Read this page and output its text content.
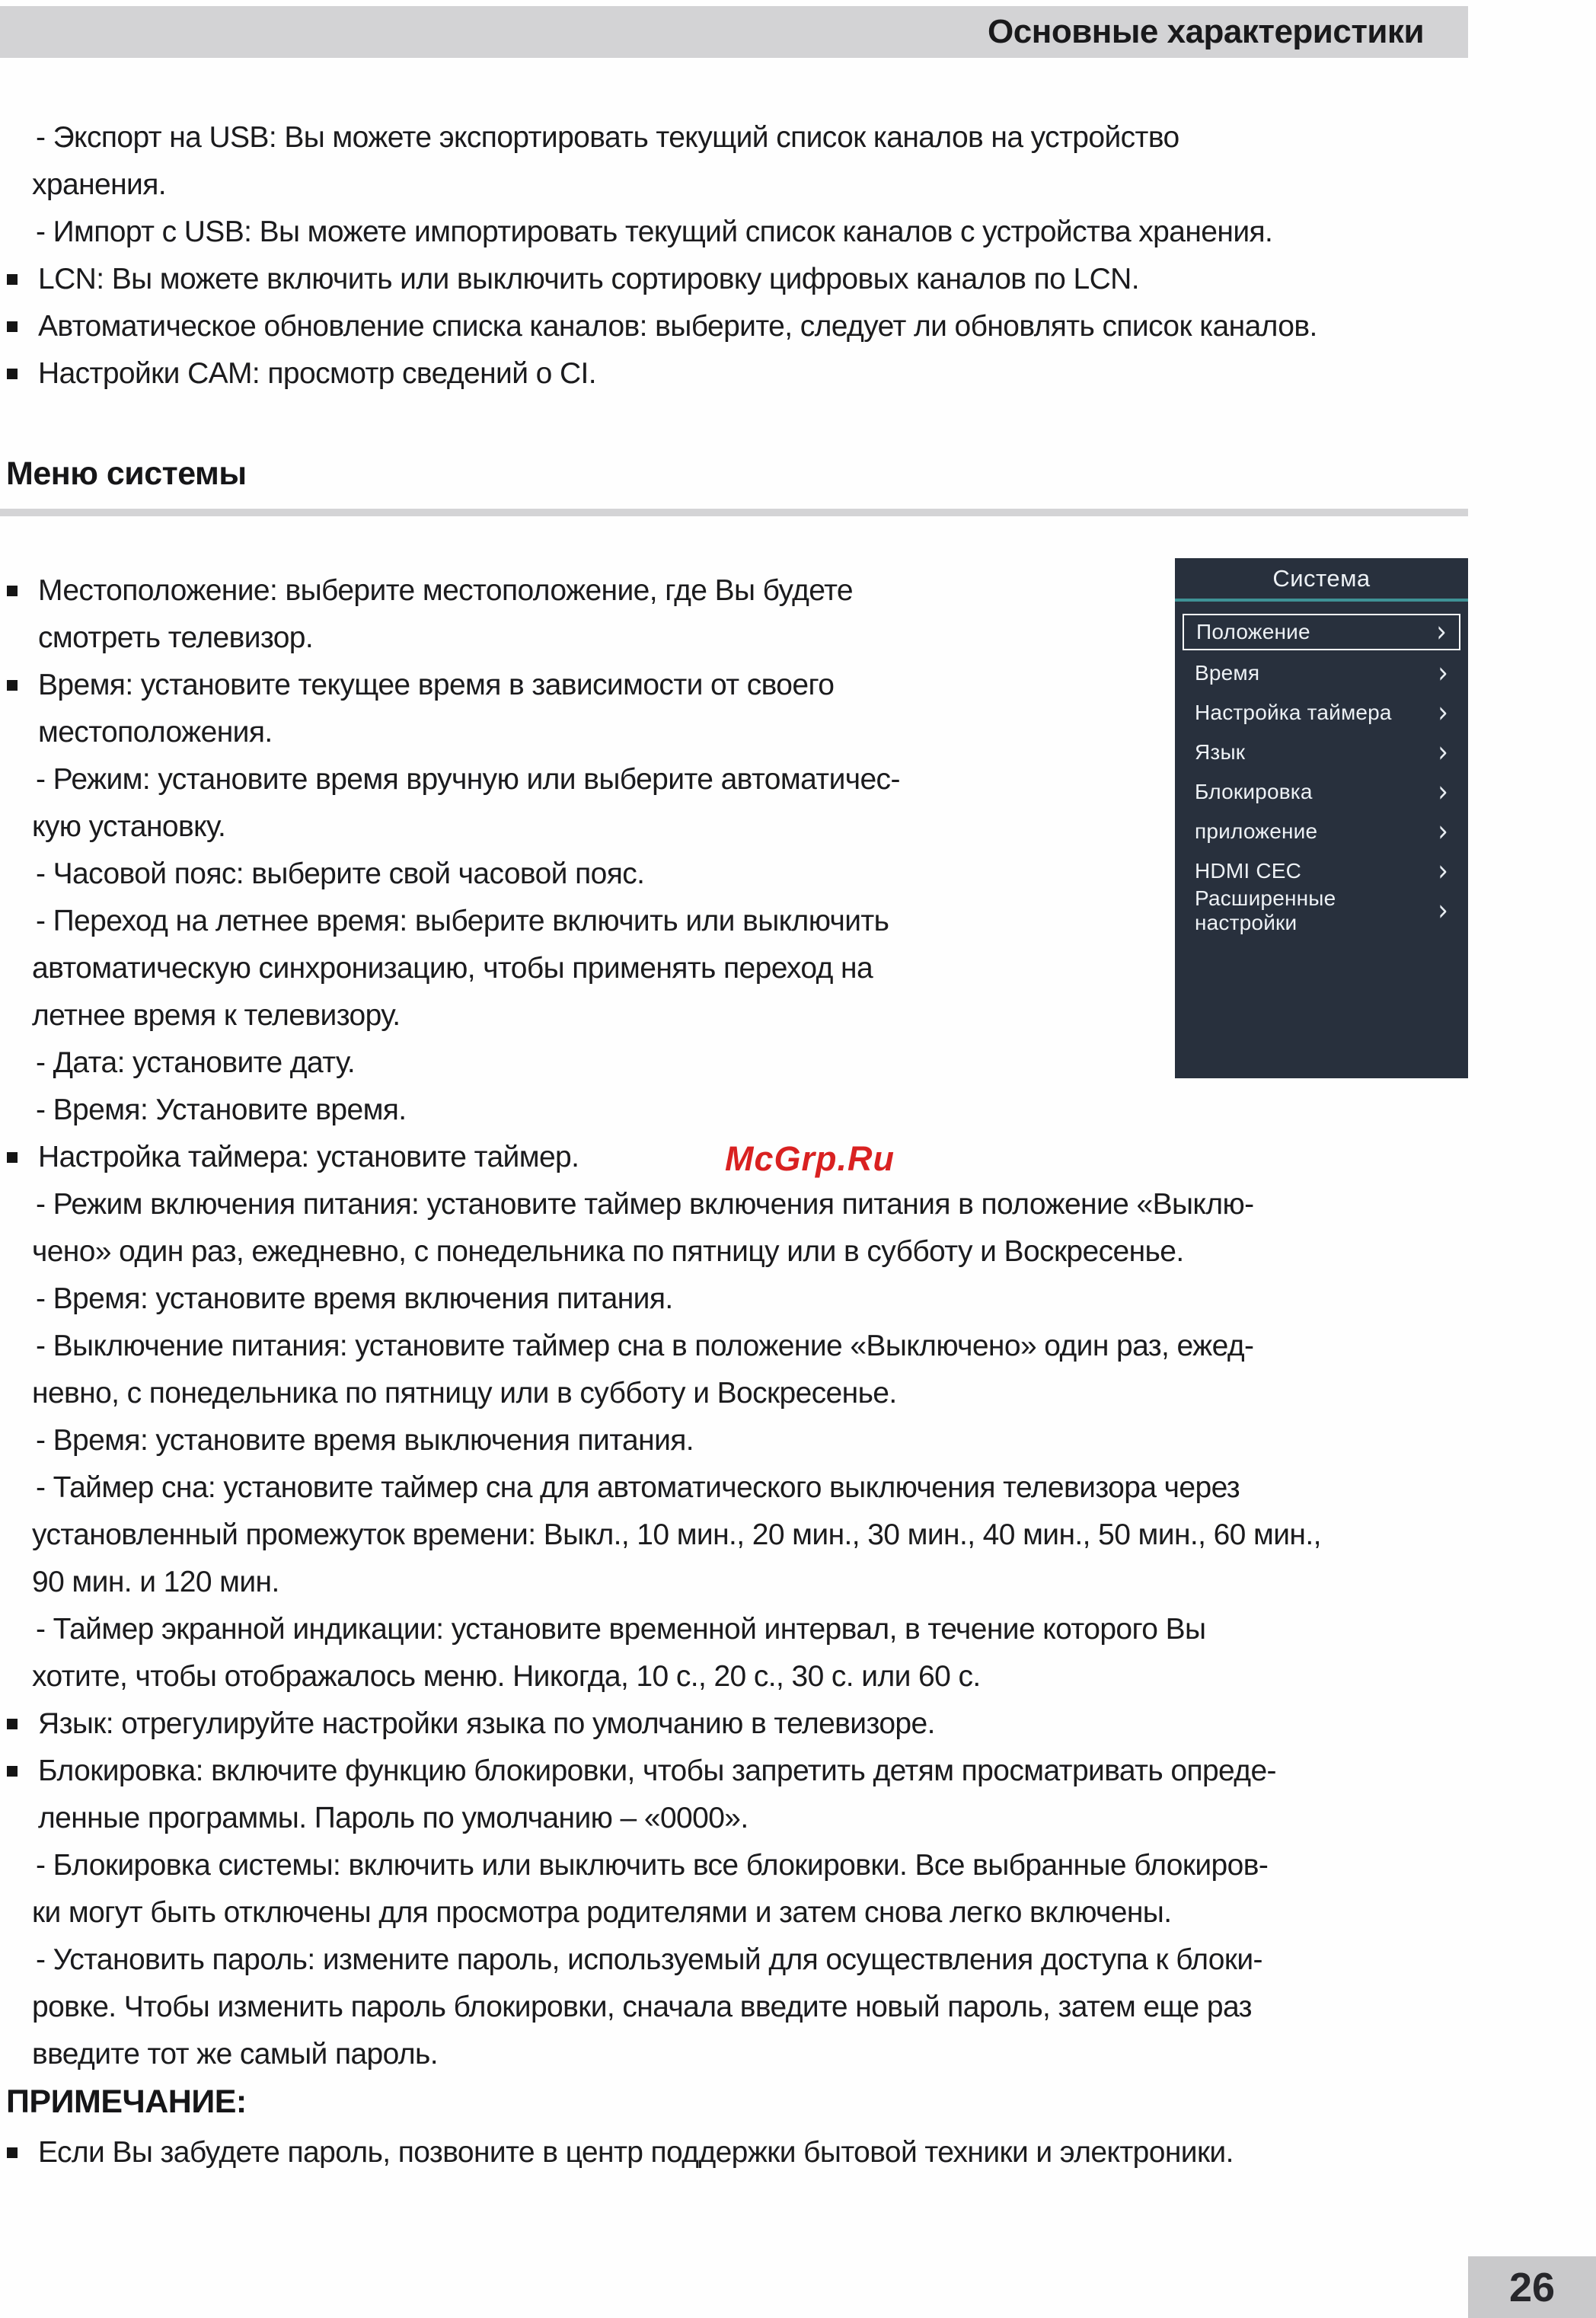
Основные характеристики
- Экспорт на USB: Вы можете экспортировать текущий список каналов на устройство
хранения.
- Импорт с USB: Вы можете импортировать текущий список каналов с устройства хранения.
LCN: Вы можете включить или выключить сортировку цифровых каналов по LCN.
Автоматическое обновление списка каналов: выберите, следует ли обновлять список каналов.
Настройки CAM: просмотр сведений о CI.
Меню системы
Местоположение: выберите местоположение, где Вы будете
смотреть телевизор.
Время: установите текущее время в зависимости от своего
местоположения.
- Режим: установите время вручную или выберите автоматичес-
кую установку.
- Часовой пояс: выберите свой часовой пояс.
- Переход на летнее время: выберите включить или выключить
автоматическую синхронизацию, чтобы применять переход на
летнее время к телевизору.
- Дата: установите дату.
- Время: Установите время.
Настройка таймера: установите таймер.
- Режим включения питания: установите таймер включения питания в положение «Выклю-
чено» один раз, ежедневно, с понедельника по пятницу или в субботу и Воскресенье.
- Время: установите время включения питания.
- Выключение питания: установите таймер сна в положение «Выключено» один раз, ежед-
невно, с понедельника по пятницу или в субботу и Воскресенье.
- Время: установите время выключения питания.
- Таймер сна: установите таймер сна для автоматического выключения телевизора через
установленный промежуток времени: Выкл., 10 мин., 20 мин., 30 мин., 40 мин., 50 мин., 60 мин.,
90 мин. и 120 мин.
- Таймер экранной индикации: установите временной интервал, в течение которого Вы
хотите, чтобы отображалось меню. Никогда, 10 с., 20 с., 30 с. или 60 с.
Язык: отрегулируйте настройки языка по умолчанию в телевизоре.
Блокировка: включите функцию блокировки, чтобы запретить детям просматривать опреде-
ленные программы. Пароль по умолчанию – «0000».
- Блокировка системы: включить или выключить все блокировки. Все выбранные блокиров-
ки могут быть отключены для просмотра родителями и затем снова легко включены.
- Установить пароль: измените пароль, используемый для осуществления доступа к блоки-
ровке. Чтобы изменить пароль блокировки, сначала введите новый пароль, затем еще раз
введите тот же самый пароль.
McGrp.Ru
Система
Положение	›
Время	›
Настройка таймера ›
Язык	›
Блокировка	›
приложение	›
HDMI CEC	›
Расширенные настройки	›
ПРИМЕЧАНИЕ:
Если Вы забудете пароль, позвоните в центр поддержки бытовой техники и электроники.
26
